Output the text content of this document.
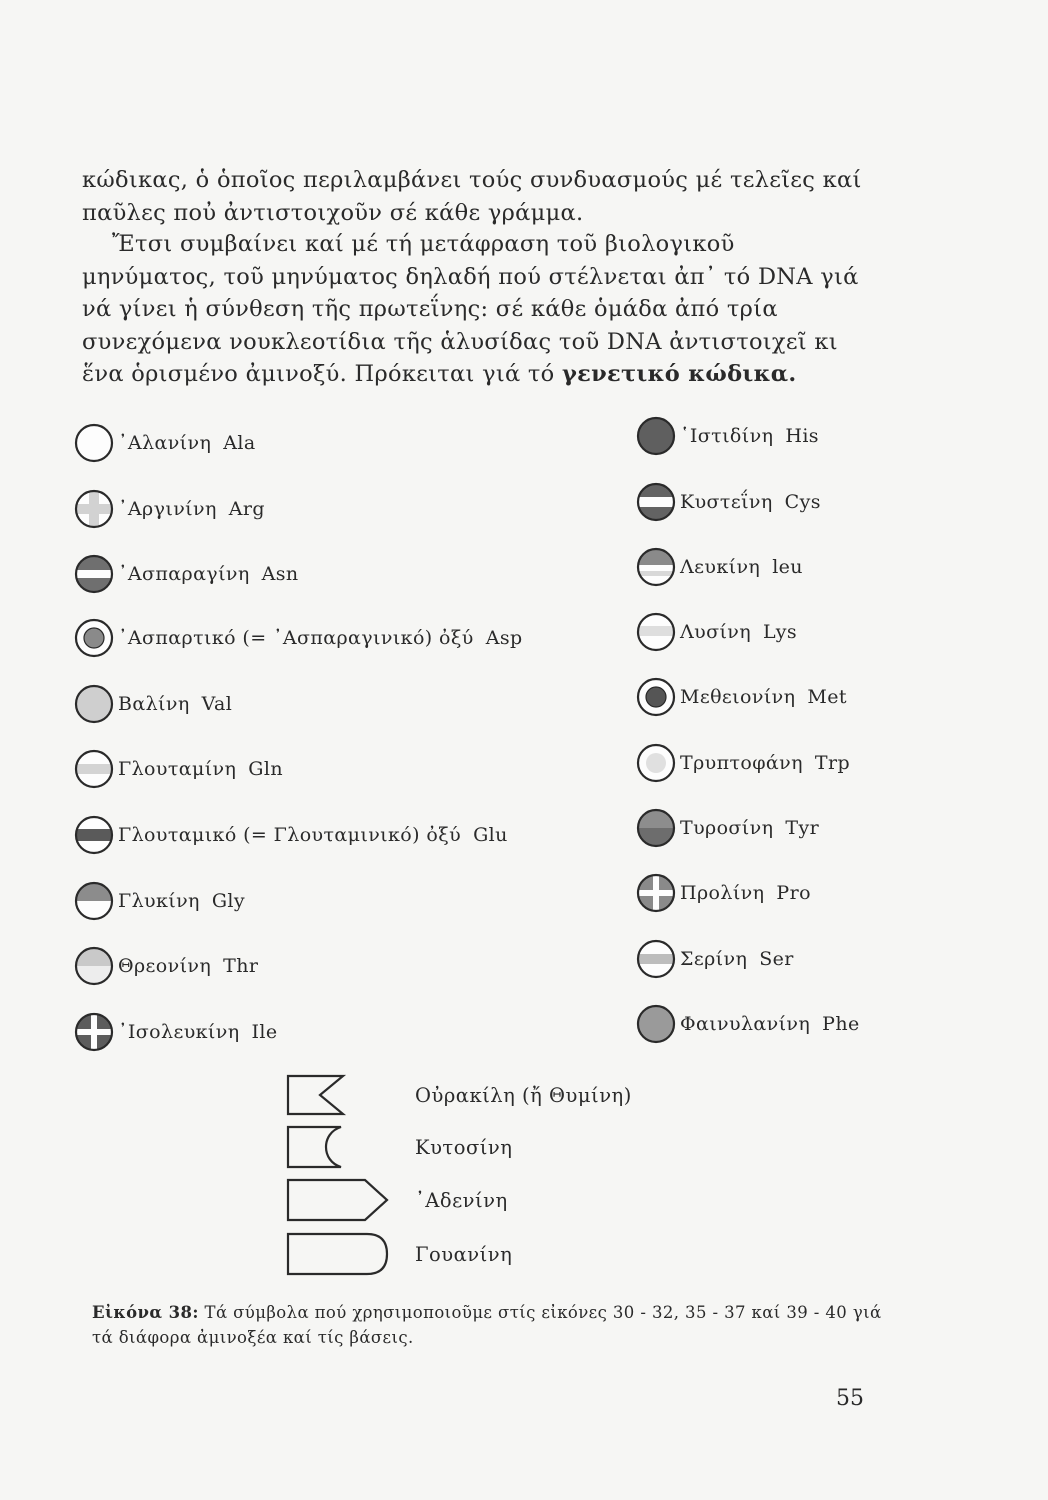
κώδικας, ὁ ὁποῖος περιλαμβάνει τούς συνδυασμούς μέ τελεῖες καί παῦλες ποὐ ἀντιστοιχοῦν σέ κάθε γράμμα.

Ἔτσι συμβαίνει καί μέ τή μετάφραση τοῦ βιολογικοῦ μηνύματος, τοῦ μηνύματος δηλαδή πού στέλνεται ἀπ᾿ τό DNA γιά νά γίνει ἡ σύνθεση τῆς πρωτεΐνης: σέ κάθε ὁμάδα ἀπό τρία συνεχόμενα νουκλεοτίδια τῆς ἁλυσίδας τοῦ DNA ἀντιστοιχεῖ κι ἕνα ὁρισμένο ἀμινοξύ. Πρόκειται γιά τό γενετικό κώδικα.

᾿Αλανίνη Ala
᾿Αργινίνη Arg
᾿Ασπαραγίνη Asn
᾿Ασπαρτικό (= ᾿Ασπαραγινικό) ὀξύ Asp
Βαλίνη Val
Γλουταμίνη Gln
Γλουταμικό (= Γλουταμινικό) ὀξύ Glu
Γλυκίνη Gly
Θρεονίνη Thr
᾿Ισολευκίνη Ile
῾Ιστιδίνη His
Κυστεΐνη Cys
Λευκίνη leu
Λυσίνη Lys
Μεθειονίνη Met
Τρυπτοφάνη Trp
Τυροσίνη Tyr
Προλίνη Pro
Σερίνη Ser
Φαινυλανίνη Phe
Οὐρακίλη (ἤ Θυμίνη)
Κυτοσίνη
᾿Αδενίνη
Γουανίνη
Εἰκόνα 38: Τά σύμβολα πού χρησιμοποιοῦμε στίς εἰκόνες 30 - 32, 35 - 37 καί 39 - 40 γιά τά διάφορα ἀμινοξέα καί τίς βάσεις.
55
